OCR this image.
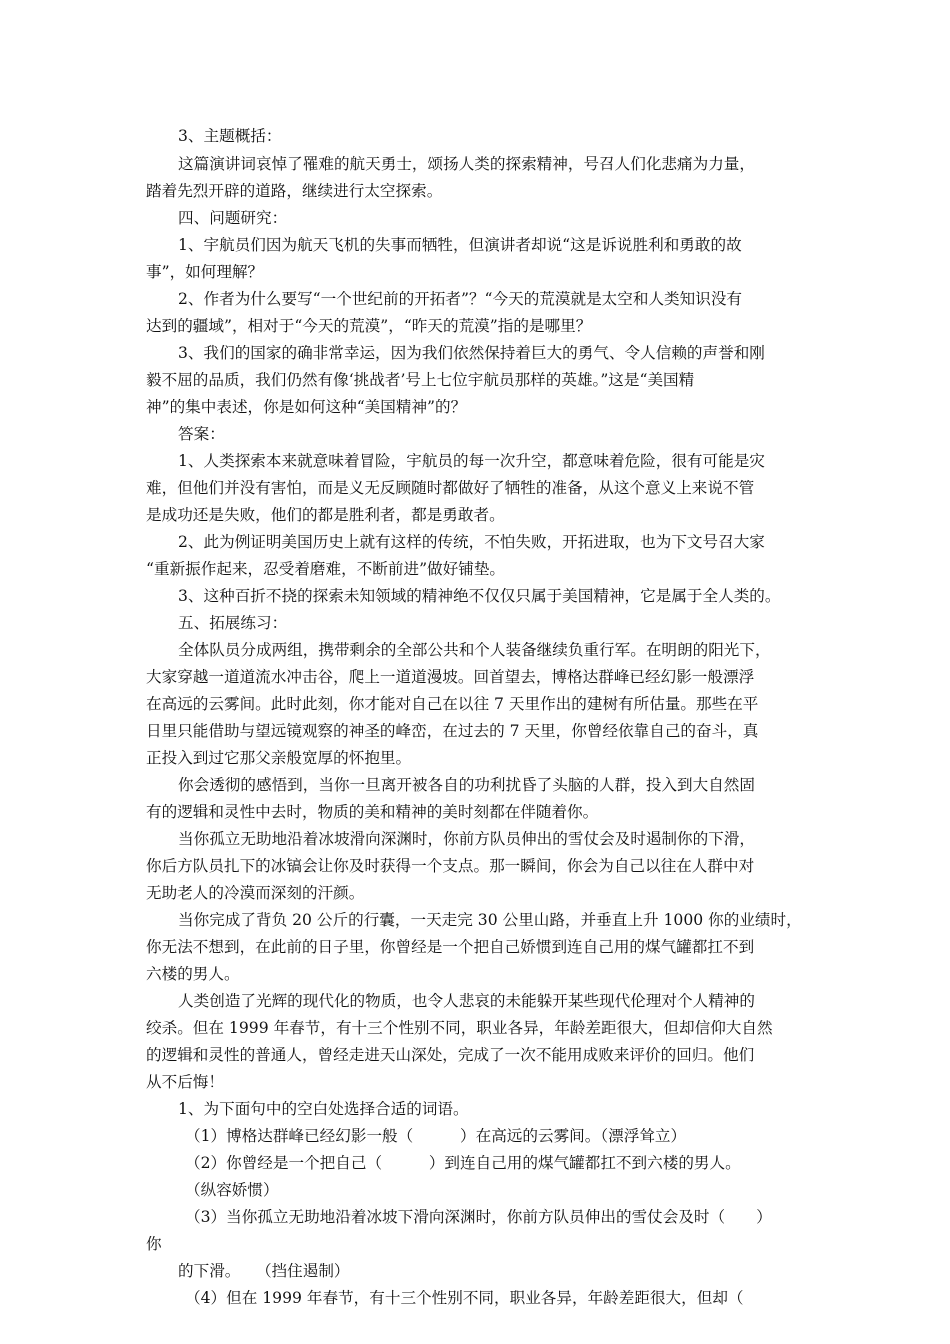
3、主题概括：

这篇演讲词哀悼了罹难的航天勇士，颂扬人类的探索精神，号召人们化悲痛为力量，

踏着先烈开辟的道路，继续进行太空探索。

四、问题研究：

1、宇航员们因为航天飞机的失事而牺牲，但演讲者却说“这是诉说胜利和勇敢的故

事”，如何理解？

2、作者为什么要写“一个世纪前的开拓者”？“今天的荒漠就是太空和人类知识没有

达到的疆域”，相对于“今天的荒漠”，“昨天的荒漠”指的是哪里？

3、我们的国家的确非常幸运，因为我们依然保持着巨大的勇气、令人信赖的声誉和刚

毅不屈的品质，我们仍然有像‘挑战者’号上七位宇航员那样的英雄。”这是“美国精

神”的集中表述，你是如何这种“美国精神”的？

答案：

1、人类探索本来就意味着冒险，宇航员的每一次升空，都意味着危险，很有可能是灾

难，但他们并没有害怕，而是义无反顾随时都做好了牺牲的准备，从这个意义上来说不管

是成功还是失败，他们的都是胜利者，都是勇敢者。

2、此为例证明美国历史上就有这样的传统，不怕失败，开拓进取，也为下文号召大家

“重新振作起来，忍受着磨难，不断前进”做好铺垫。

3、这种百折不挠的探索未知领域的精神绝不仅仅只属于美国精神，它是属于全人类的。

五、拓展练习：

全体队员分成两组，携带剩余的全部公共和个人装备继续负重行军。在明朗的阳光下，

大家穿越一道道流水冲击谷，爬上一道道漫坡。回首望去，博格达群峰已经幻影一般漂浮

在高远的云雾间。此时此刻，你才能对自己在以往 7 天里作出的建树有所估量。那些在平

日里只能借助与望远镜观察的神圣的峰峦，在过去的 7 天里，你曾经依靠自己的奋斗，真

正投入到过它那父亲般宽厚的怀抱里。

你会透彻的感悟到，当你一旦离开被各自的功利扰昏了头脑的人群，投入到大自然固

有的逻辑和灵性中去时，物质的美和精神的美时刻都在伴随着你。

当你孤立无助地沿着冰坡滑向深渊时，你前方队员伸出的雪仗会及时遏制你的下滑，

你后方队员扎下的冰镐会让你及时获得一个支点。那一瞬间，你会为自己以往在人群中对

无助老人的冷漠而深刻的汗颜。

当你完成了背负 20 公斤的行囊，一天走完 30 公里山路，并垂直上升 1000 你的业绩时，

你无法不想到，在此前的日子里，你曾经是一个把自己娇惯到连自己用的煤气罐都扛不到

六楼的男人。

人类创造了光辉的现代化的物质，也令人悲哀的未能躲开某些现代伦理对个人精神的

绞杀。但在 1999 年春节，有十三个性别不同，职业各异，年龄差距很大，但却信仰大自然

的逻辑和灵性的普通人，曾经走进天山深处，完成了一次不能用成败来评价的回归。他们

从不后悔！

1、为下面句中的空白处选择合适的词语。

（1）博格达群峰已经幻影一般（　　　）在高远的云雾间。（漂浮耸立）

（2）你曾经是一个把自己（　　　）到连自己用的煤气罐都扛不到六楼的男人。

（纵容娇惯）

（3）当你孤立无助地沿着冰坡下滑向深渊时，你前方队员伸出的雪仗会及时（　　）

你

的下滑。　　（挡住遏制）

（4）但在 1999 年春节，有十三个性别不同，职业各异，年龄差距很大，但却（
